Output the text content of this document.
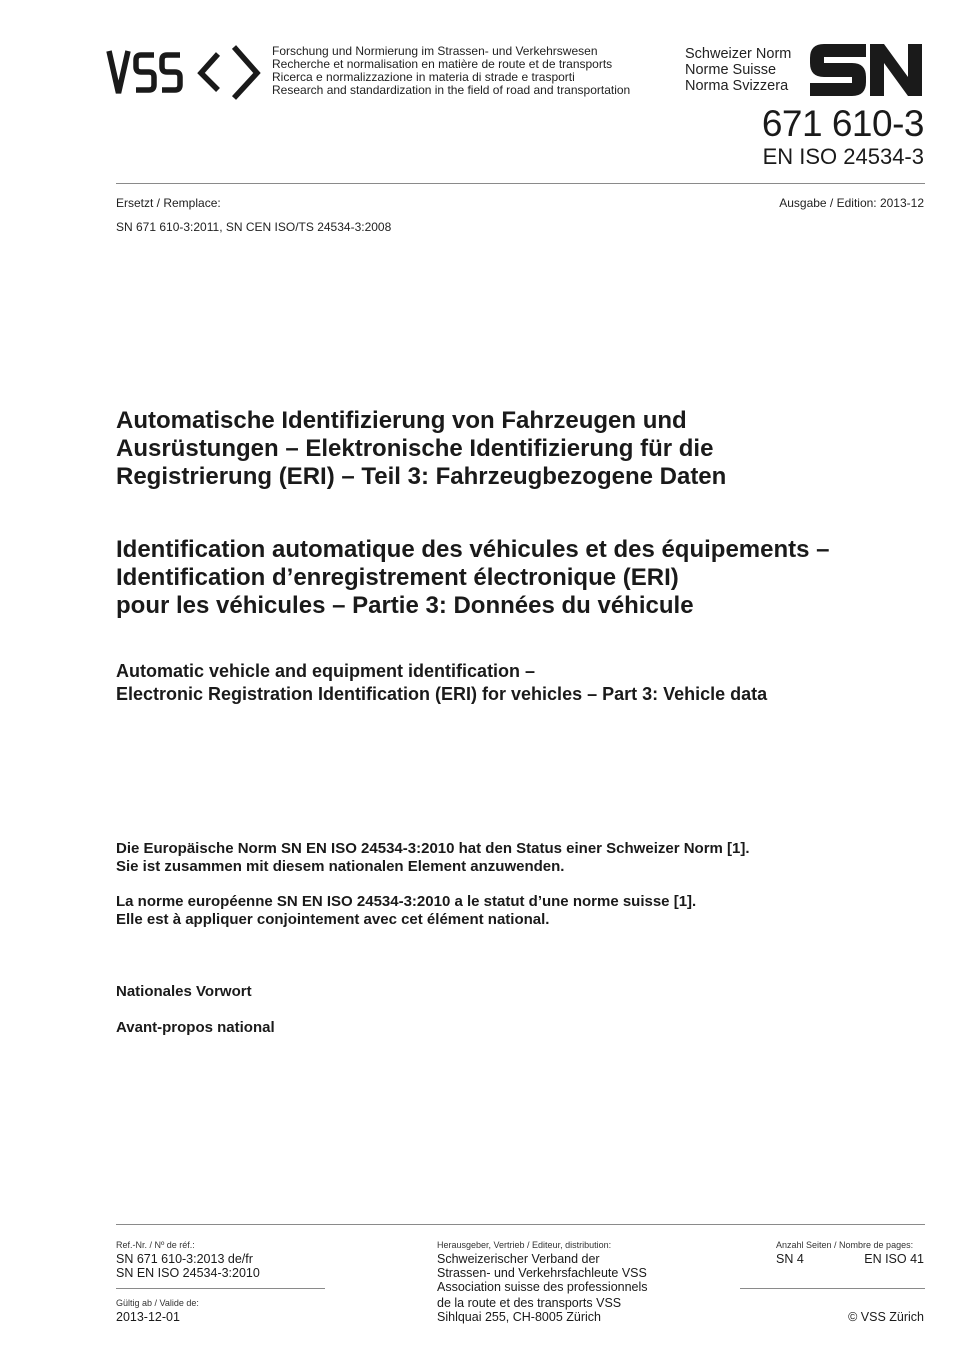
Forschung und Normierung im Strassen- und Verkehrswesen
Recherche et normalisation en matière de route et de transports
Ricerca e normalizzazione in materia di strade e trasporti
Research and standardization in the field of road and transportation
Schweizer Norm
Norme Suisse
Norma Svizzera
671 610-3
EN ISO 24534-3
Ersetzt / Remplace:	Ausgabe / Edition: 2013-12
SN 671 610-3:2011, SN CEN ISO/TS 24534-3:2008
Automatische Identifizierung von Fahrzeugen und
Ausrüstungen – Elektronische Identifizierung für die
Registrierung (ERI) – Teil 3: Fahrzeugbezogene Daten
Identification automatique des véhicules et des équipements –
Identification d’enregistrement électronique (ERI)
pour les véhicules – Partie 3: Données du véhicule
Automatic vehicle and equipment identification –
Electronic Registration Identification (ERI) for vehicles – Part 3: Vehicle data
Die Europäische Norm SN EN ISO 24534-3:2010 hat den Status einer Schweizer Norm [1].
Sie ist zusammen mit diesem nationalen Element anzuwenden.
La norme européenne SN EN ISO 24534-3:2010 a le statut d’une norme suisse [1].
Elle est à appliquer conjointement avec cet élément national.
Nationales Vorwort
Avant-propos national
Ref.-Nr. / Nº de réf.:
SN 671 610-3:2013 de/fr
SN EN ISO 24534-3:2010
Gültig ab / Valide de:
2013-12-01
Herausgeber, Vertrieb / Editeur, distribution:
Schweizerischer Verband der
Strassen- und Verkehrsfachleute VSS
Association suisse des professionnels
de la route et des transports VSS
Sihlquai 255, CH-8005 Zürich
Anzahl Seiten / Nombre de pages:
SN 4	EN ISO 41
© VSS Zürich
